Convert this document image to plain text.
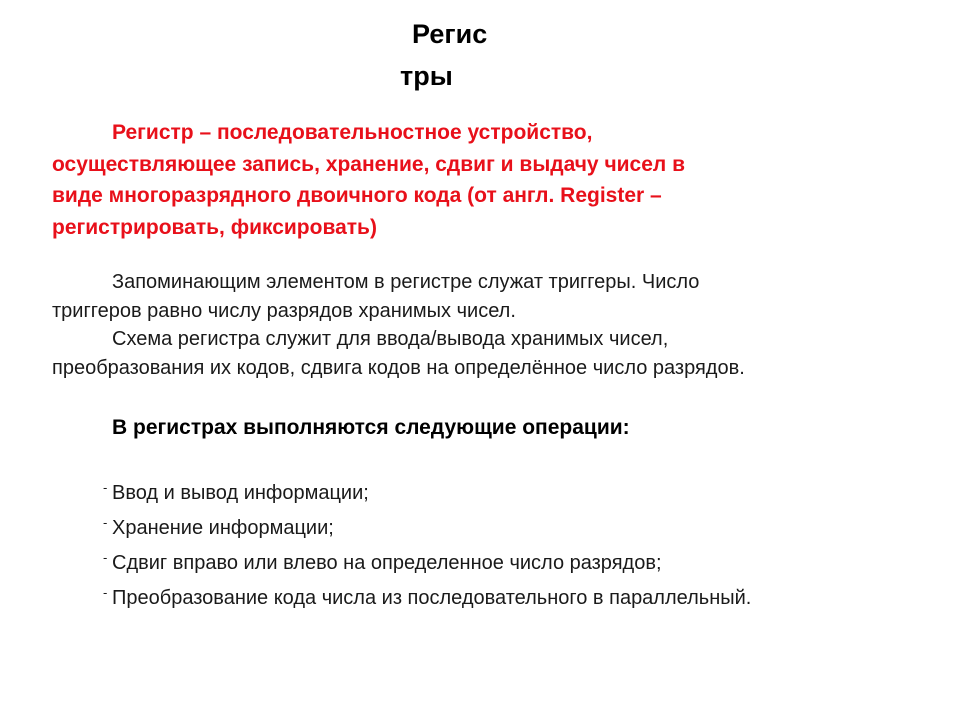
Регис
тры

Регистр – последовательностное устройство,
осуществляющее запись, хранение, сдвиг и выдачу чисел в
виде многоразрядного двоичного кода (от англ. Register –
регистрировать, фиксировать)

Запоминающим элементом в регистре служат триггеры. Число
триггеров равно числу разрядов хранимых чисел.
Схема регистра служит для ввода/вывода хранимых чисел,
преобразования их кодов, сдвига кодов на определённое число разрядов.
В регистрах выполняются следующие операции:
- Ввод и вывод информации;
- Хранение информации;
- Сдвиг вправо или влево на определенное число разрядов;
- Преобразование кода числа из последовательного в параллельный.
